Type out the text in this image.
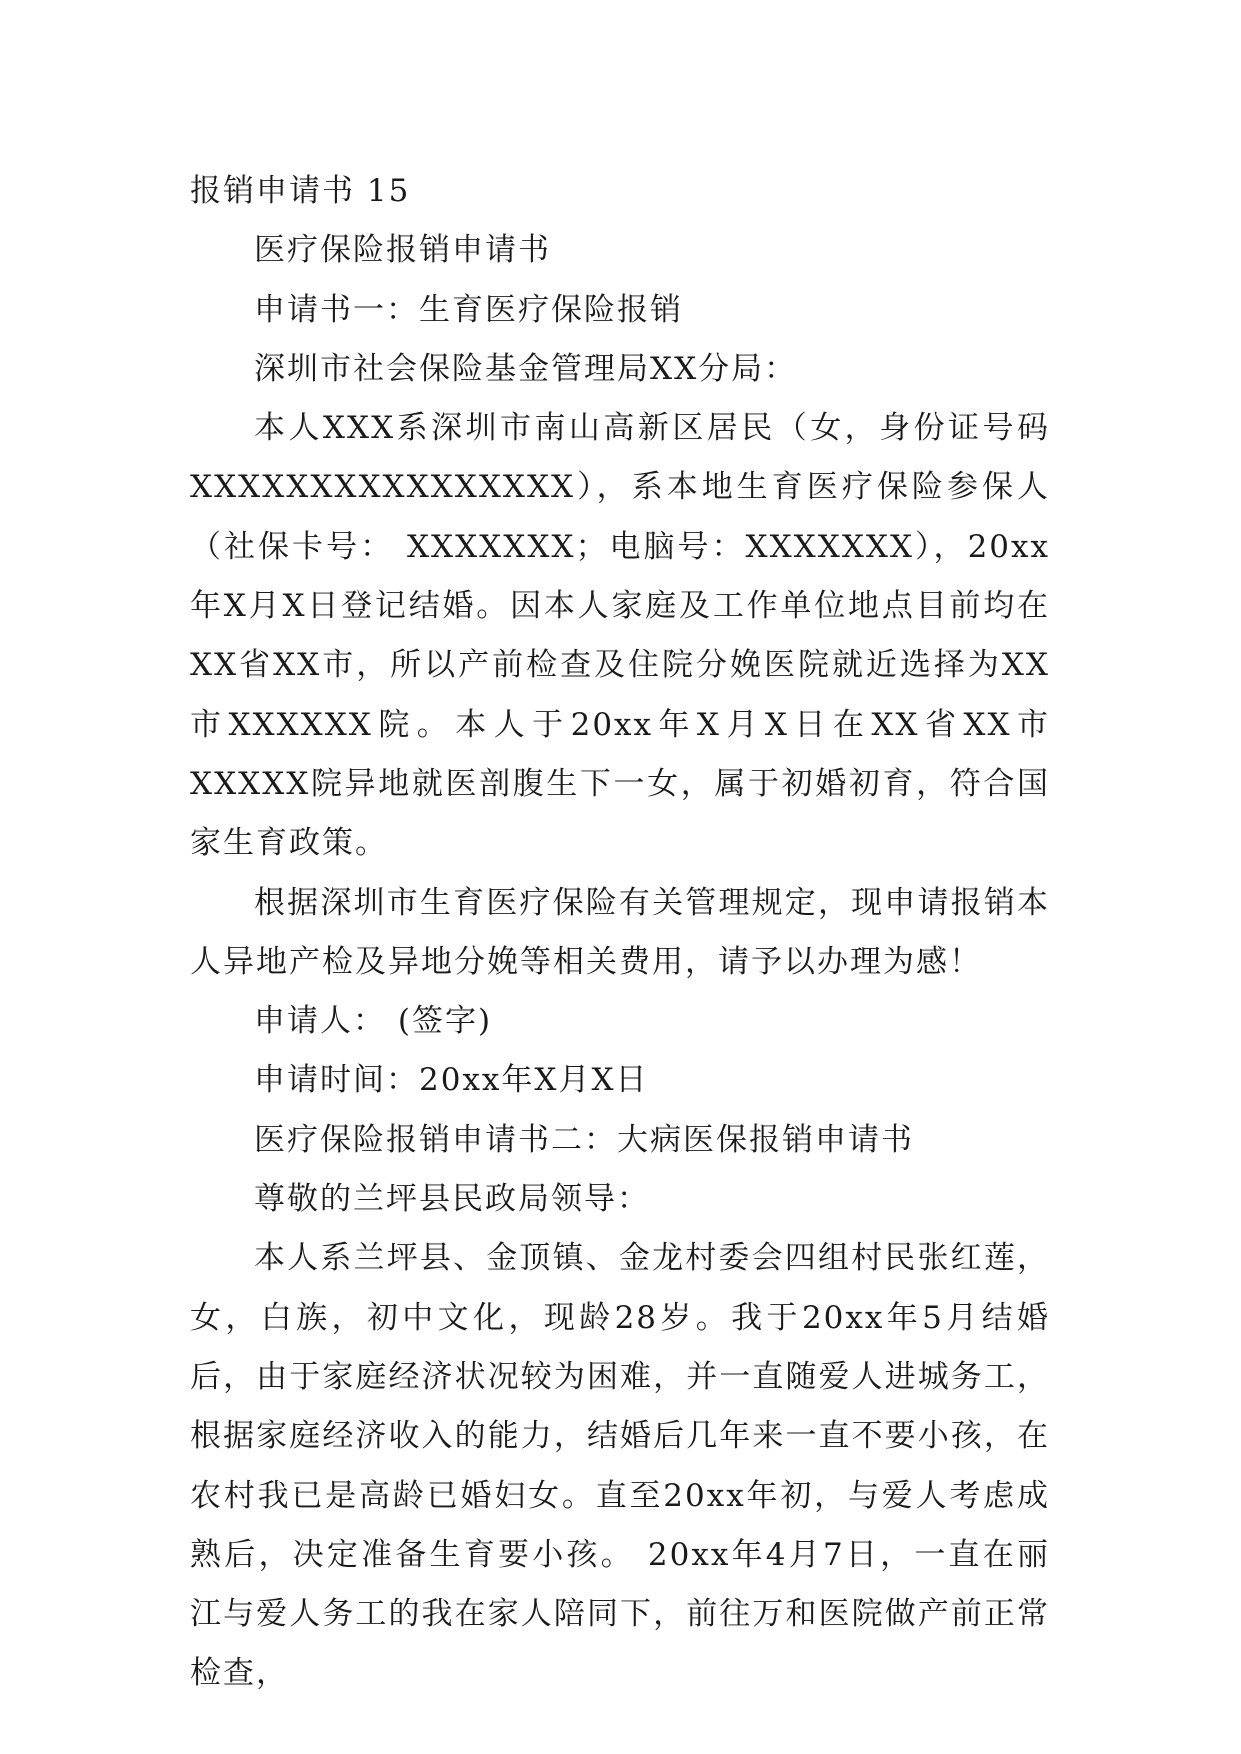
报销申请书 15

医疗保险报销申请书

申请书一：生育医疗保险报销

深圳市社会保险基金管理局XX分局：

本人XXX系深圳市南山高新区居民（女，身份证号码XXXXXXXXXXXXXXXX），系本地生育医疗保险参保人（社保卡号： XXXXXXX；电脑号：XXXXXXX），20xx年X月X日登记结婚。因本人家庭及工作单位地点目前均在XX省XX市，所以产前检查及住院分娩医院就近选择为XX市XXXXXX院。本人于20xx年X月X日在XX省XX市XXXXX院异地就医剖腹生下一女，属于初婚初育，符合国家生育政策。

根据深圳市生育医疗保险有关管理规定，现申请报销本人异地产检及异地分娩等相关费用，请予以办理为感！

申请人： (签字)

申请时间：20xx年X月X日

医疗保险报销申请书二：大病医保报销申请书

尊敬的兰坪县民政局领导：

本人系兰坪县、金顶镇、金龙村委会四组村民张红莲，女，白族，初中文化，现龄28岁。我于20xx年5月结婚后，由于家庭经济状况较为困难，并一直随爱人进城务工，根据家庭经济收入的能力，结婚后几年来一直不要小孩，在农村我已是高龄已婚妇女。直至20xx年初，与爱人考虑成熟后，决定准备生育要小孩。 20xx年4月7日，一直在丽江与爱人务工的我在家人陪同下，前往万和医院做产前正常检查，
